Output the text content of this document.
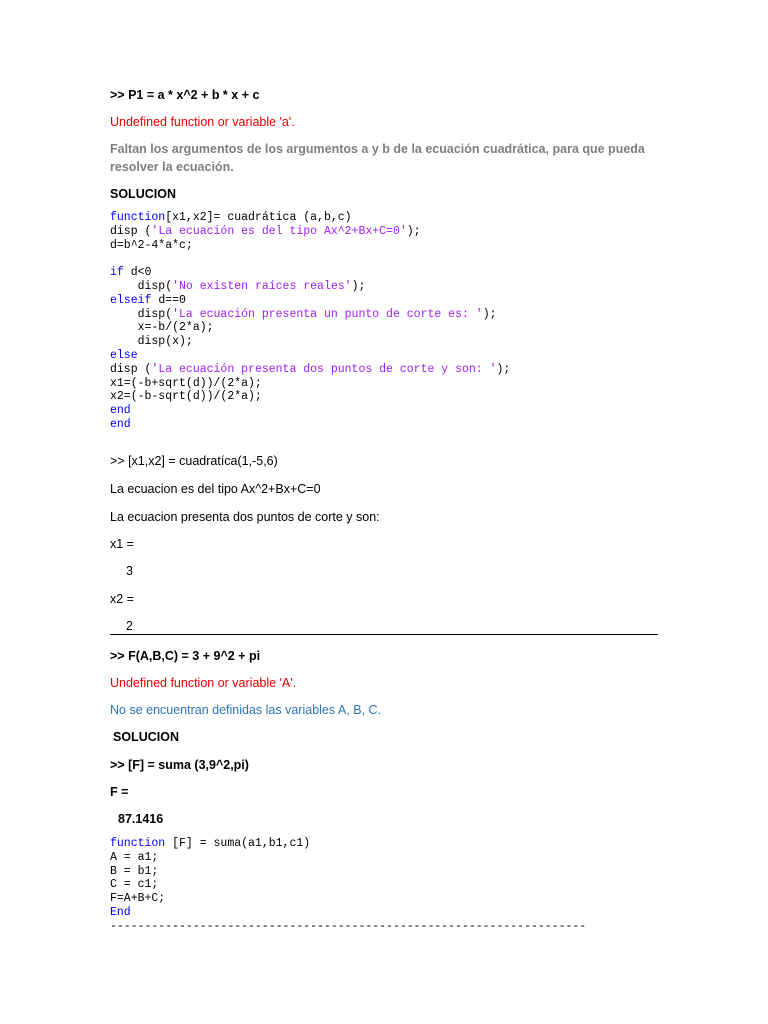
>> P1 = a * x^2 + b * x + c

Undefined function or variable 'a'.

Faltan los argumentos de los argumentos a y b de la ecuación cuadrática, para que pueda

resolver la ecuación.

SOLUCION

function[x1,x2]= cuadrática (a,b,c)
disp ('La ecuación es del tipo Ax^2+Bx+C=0');
d=b^2-4*a*c;

if d<0
disp('No existen raíces reales');
elseif d==0
disp('La ecuación presenta un punto de corte es: ');
x=-b/(2*a);
disp(x);
else
disp ('La ecuación presenta dos puntos de corte y son: ');
x1=(-b+sqrt(d))/(2*a);
x2=(-b-sqrt(d))/(2*a);
end
end

>> [x1,x2] = cuadratíca(1,-5,6)

La ecuacion es del tipo Ax^2+Bx+C=0

La ecuacion presenta dos puntos de corte y son:

x1 =

3

x2 =

2

>> F(A,B,C) = 3 + 9^2 + pi

Undefined function or variable 'A'.

No se encuentran definidas las variables A, B, C.

SOLUCION

>> [F] = suma (3,9^2,pi)

F =

87.1416

function [F] = suma(a1,b1,c1)
A = a1;
B = b1;
C = c1;
F=A+B+C;
End
---------------------------------------------------------------------
